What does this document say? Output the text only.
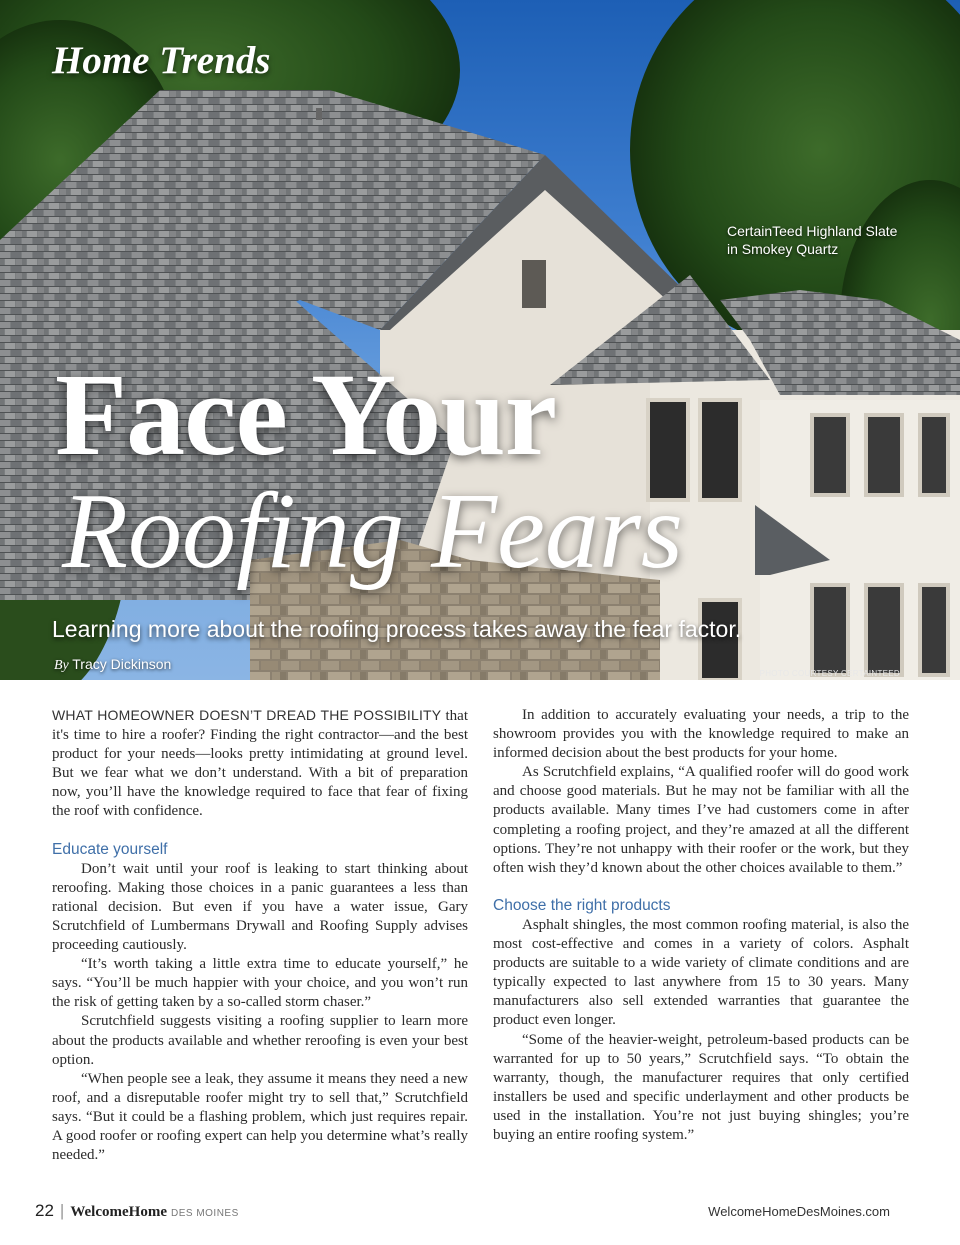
Home Trends
CertainTeed Highland Slate
in Smokey Quartz
Face Your
Roofing Fears
Learning more about the roofing process takes away the fear factor.
By Tracy Dickinson
PHOTO COURTESY CERTAINTEED

WHAT HOMEOWNER DOESN’T DREAD THE POSSIBILITY that it's time to hire a roofer? Finding the right contractor—and the best product for your needs—looks pretty intimidating at ground level. But we fear what we don’t understand. With a bit of preparation now, you’ll have the knowledge required to face that fear of fixing the roof with confidence.

Educate yourself

Don’t wait until your roof is leaking to start thinking about reroofing. Making those choices in a panic guarantees a less than rational decision. But even if you have a water issue, Gary Scrutchfield of Lumbermans Drywall and Roofing Supply advises proceeding cautiously.

“It’s worth taking a little extra time to educate yourself,” he says. “You’ll be much happier with your choice, and you won’t run the risk of getting taken by a so-called storm chaser.”

Scrutchfield suggests visiting a roofing supplier to learn more about the products available and whether reroofing is even your best option.

“When people see a leak, they assume it means they need a new roof, and a disreputable roofer might try to sell that,” Scrutchfield says. “But it could be a flashing problem, which just requires repair. A good roofer or roofing expert can help you determine what’s really needed.”

In addition to accurately evaluating your needs, a trip to the showroom provides you with the knowledge required to make an informed decision about the best products for your home.

As Scrutchfield explains, “A qualified roofer will do good work and choose good materials. But he may not be familiar with all the products available. Many times I’ve had customers come in after completing a roofing project, and they’re amazed at all the different options. They’re not unhappy with their roofer or the work, but they often wish they’d known about the other choices available to them.”

Choose the right products

Asphalt shingles, the most common roofing material, is also the most cost-effective and comes in a variety of colors. Asphalt products are suitable to a wide variety of climate conditions and are typically expected to last anywhere from 15 to 30 years. Many manufacturers also sell extended warranties that guarantee the product even longer.

“Some of the heavier-weight, petroleum-based products can be warranted for up to 50 years,” Scrutchfield says. “To obtain the warranty, though, the manufacturer requires that only certified installers be used and specific underlayment and other products be used in the installation. You’re not just buying shingles; you’re buying an entire roofing system.”

22 | WelcomeHome DES MOINES	WelcomeHomeDesMoines.com
